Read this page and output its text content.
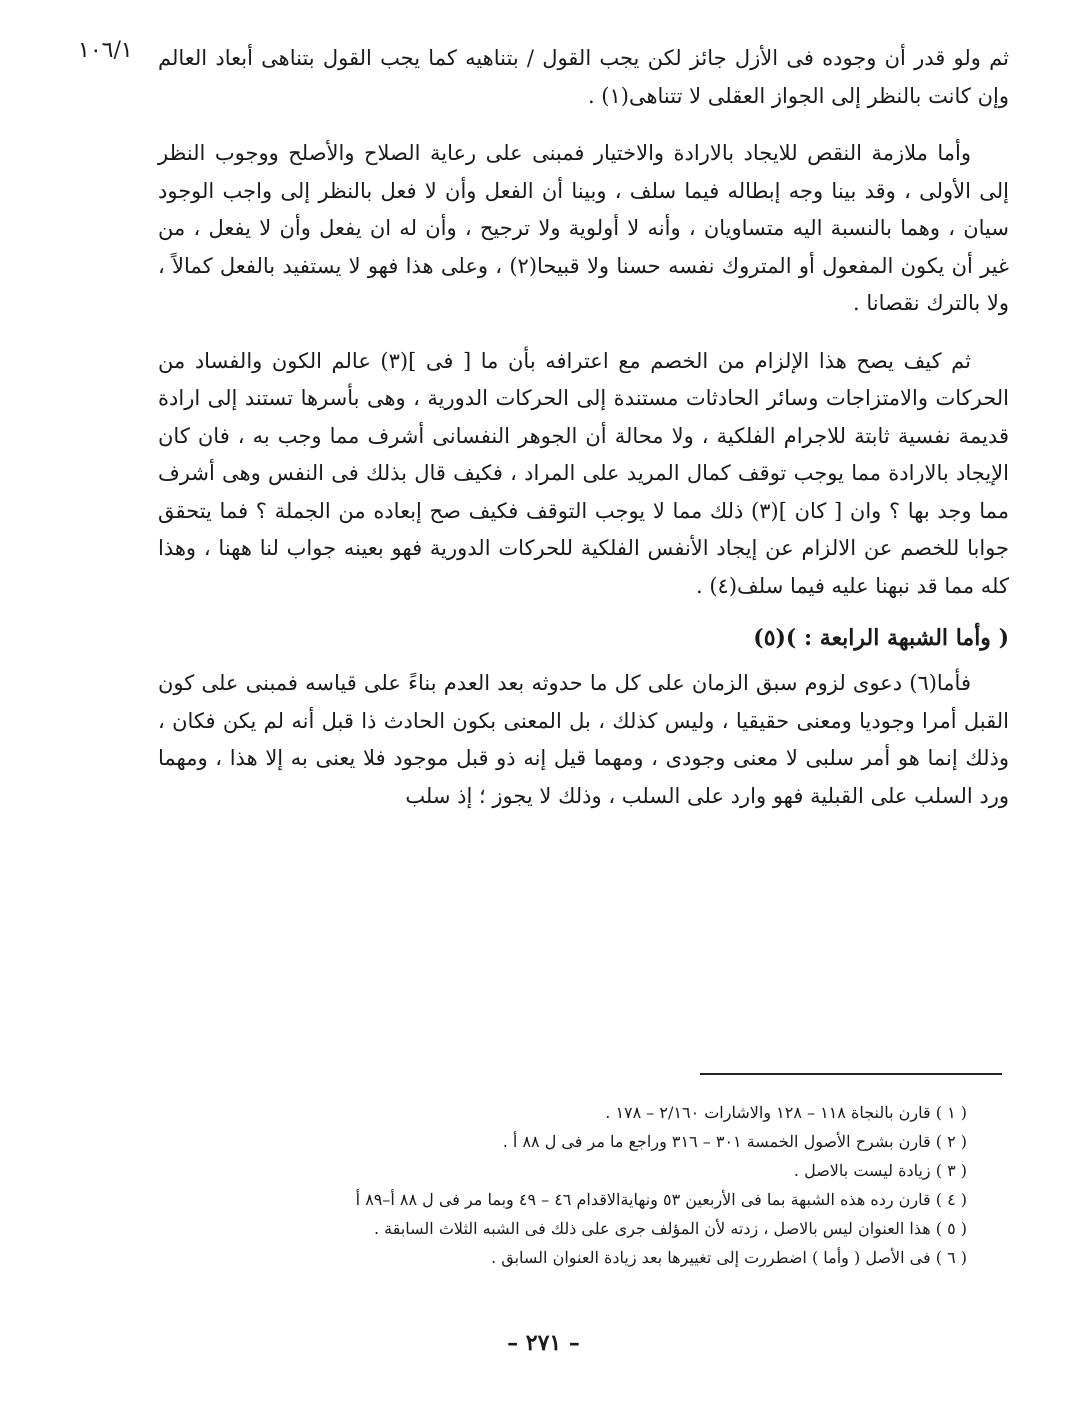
١٠٦/١ ثم ولو قدر أن وجوده فى الأزل جائز لكن يجب القول / بتناهيه كما يجب القول بتناهى أبعاد العالم وإن كانت بالنظر إلى الجواز العقلى لا تتناهى(١) .

وأما ملازمة النقص للايجاد بالارادة والاختيار فمبنى على رعاية الصلاح والأصلح ووجوب النظر إلى الأولى ، وقد بينا وجه إبطاله فيما سلف ، وبينا أن الفعل وأن لا فعل بالنظر إلى واجب الوجود سيان ، وهما بالنسبة اليه متساويان ، وأنه لا أولوية ولا ترجيح ، وأن له ان يفعل وأن لا يفعل ، من غير أن يكون المفعول أو المتروك نفسه حسنا ولا قبيحا(٢) ، وعلى هذا فهو لا يستفيد بالفعل كمالاً ، ولا بالترك نقصانا .

ثم كيف يصح هذا الإلزام من الخصم مع اعترافه بأن ما [ فى ](٣) عالم الكون والفساد من الحركات والامتزاجات وسائر الحادثات مستندة إلى الحركات الدورية ، وهى بأسرها تستند إلى ارادة قديمة نفسية ثابتة للاجرام الفلكية ، ولا محالة أن الجوهر النفسانى أشرف مما وجب به ، فان كان الإيجاد بالارادة مما يوجب توقف كمال المريد على المراد ، فكيف قال بذلك فى النفس وهى أشرف مما وجد بها ؟ وان [ كان ](٣) ذلك مما لا يوجب التوقف فكيف صح إبعاده من الجملة ؟ فما يتحقق جوابا للخصم عن الالزام عن إيجاد الأنفس الفلكية للحركات الدورية فهو بعينه جواب لنا ههنا ، وهذا كله مما قد نبهنا عليه فيما سلف(٤) .

( وأما الشبهة الرابعة : )(٥)

فأما(٦) دعوى لزوم سبق الزمان على كل ما حدوثه بعد العدم بناءً على قياسه فمبنى على كون القبل أمرا وجوديا ومعنى حقيقيا ، وليس كذلك ، بل المعنى بكون الحادث ذا قبل أنه لم يكن فكان ، وذلك إنما هو أمر سلبى لا معنى وجودى ، ومهما قيل إنه ذو قبل موجود فلا يعنى به إلا هذا ، ومهما ورد السلب على القبلية فهو وارد على السلب ، وذلك لا يجوز ؛ إذ سلب

( ١ ) قارن بالنجاة ١١٨ – ١٢٨ والاشارات ٢/١٦٠ – ١٧٨ .
( ٢ ) قارن بشرح الأصول الخمسة ٣٠١ – ٣١٦ وراجع ما مر فى ل ٨٨ أ .
( ٣ ) زيادة ليست بالاصل .
( ٤ ) قارن رده هذه الشبهة بما فى الأربعين ٥٣ ونهايةالاقدام ٤٦ – ٤٩ وبما مر فى ل ٨٨ أ–٨٩ أ
( ٥ ) هذا العنوان ليس بالاصل ، زدته لأن المؤلف جرى على ذلك فى الشبه الثلاث السابقة .
( ٦ ) فى الأصل ( وأما ) اضطررت إلى تغييرها بعد زيادة العنوان السابق .
– ٢٧١ –
